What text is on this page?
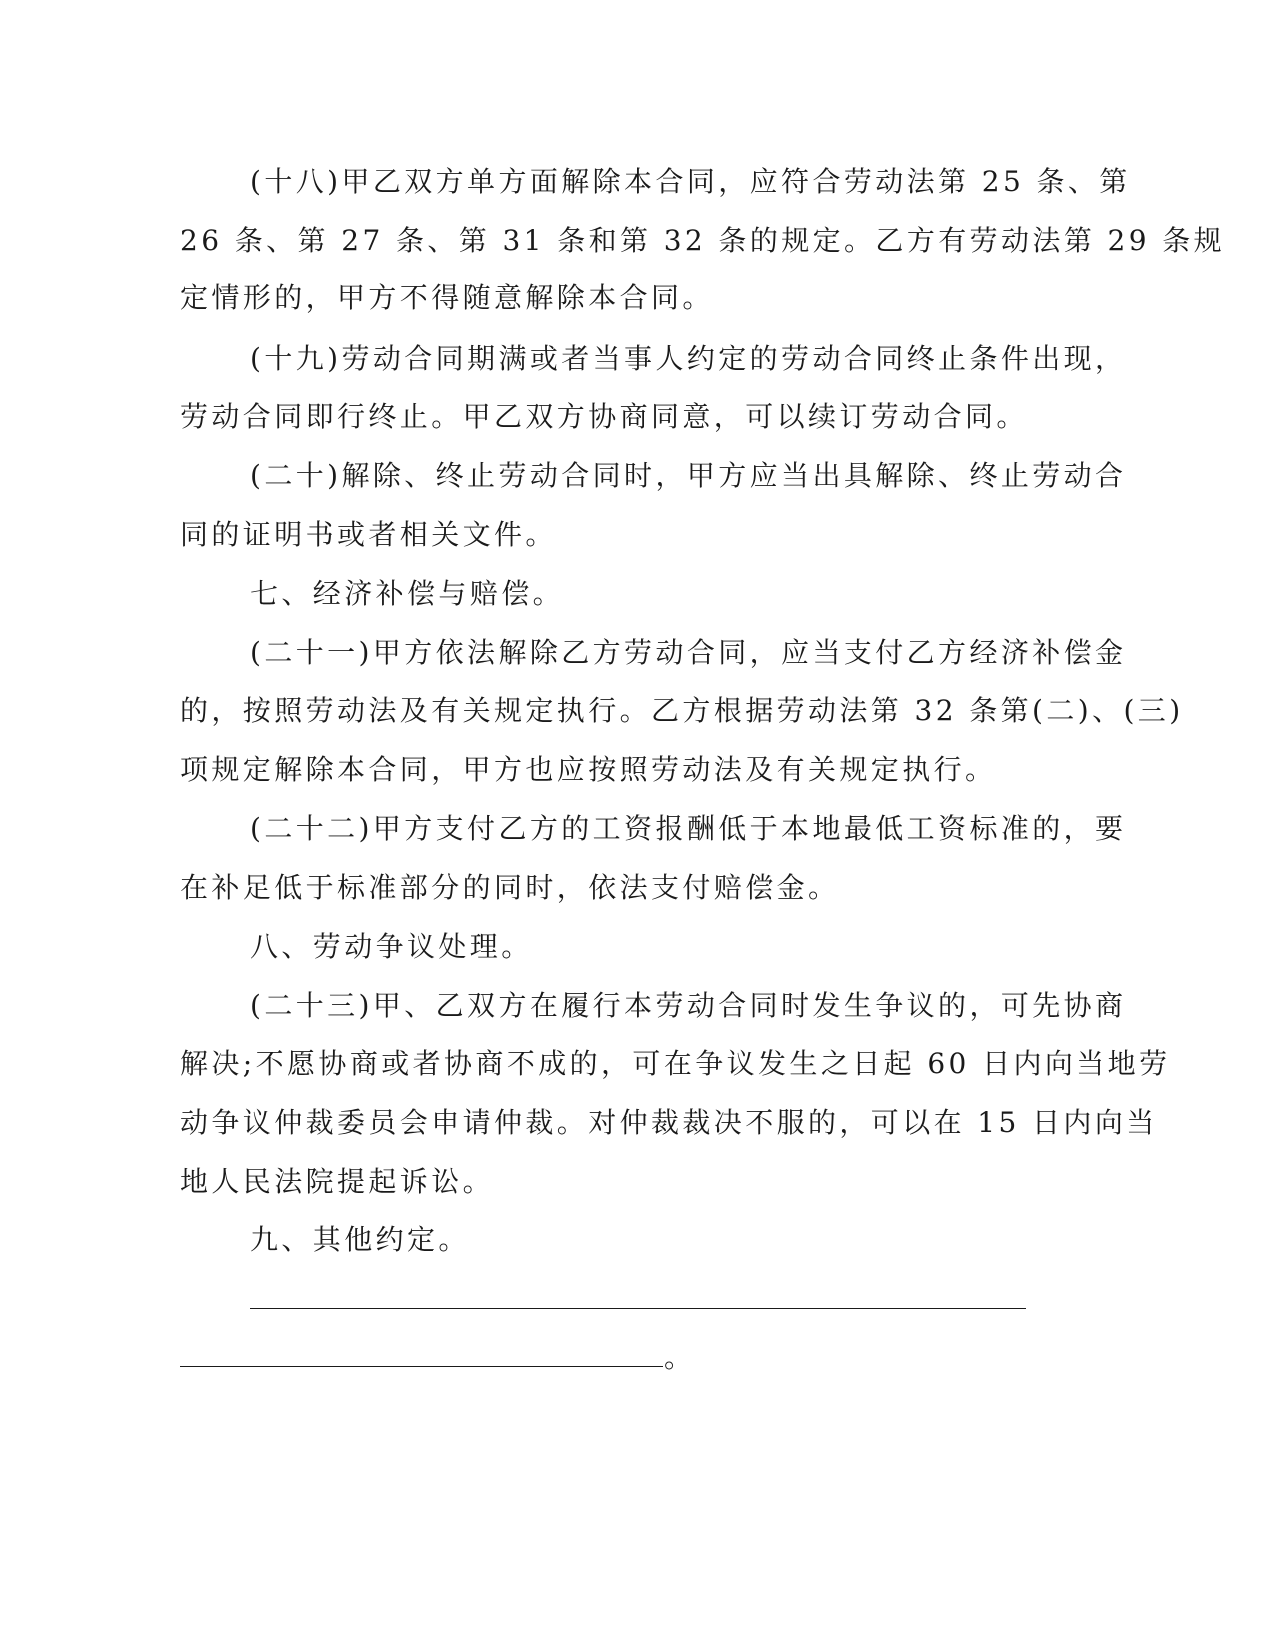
(十八)甲乙双方单方面解除本合同，应符合劳动法第 25 条、第
26 条、第 27 条、第 31 条和第 32 条的规定。乙方有劳动法第 29 条规
定情形的，甲方不得随意解除本合同。
(十九)劳动合同期满或者当事人约定的劳动合同终止条件出现，
劳动合同即行终止。甲乙双方协商同意，可以续订劳动合同。
(二十)解除、终止劳动合同时，甲方应当出具解除、终止劳动合
同的证明书或者相关文件。
七、经济补偿与赔偿。
(二十一)甲方依法解除乙方劳动合同，应当支付乙方经济补偿金
的，按照劳动法及有关规定执行。乙方根据劳动法第 32 条第(二)、(三)
项规定解除本合同，甲方也应按照劳动法及有关规定执行。
(二十二)甲方支付乙方的工资报酬低于本地最低工资标准的，要
在补足低于标准部分的同时，依法支付赔偿金。
八、劳动争议处理。
(二十三)甲、乙双方在履行本劳动合同时发生争议的，可先协商
解决;不愿协商或者协商不成的，可在争议发生之日起 60 日内向当地劳
动争议仲裁委员会申请仲裁。对仲裁裁决不服的，可以在 15 日内向当
地人民法院提起诉讼。
九、其他约定。
。
